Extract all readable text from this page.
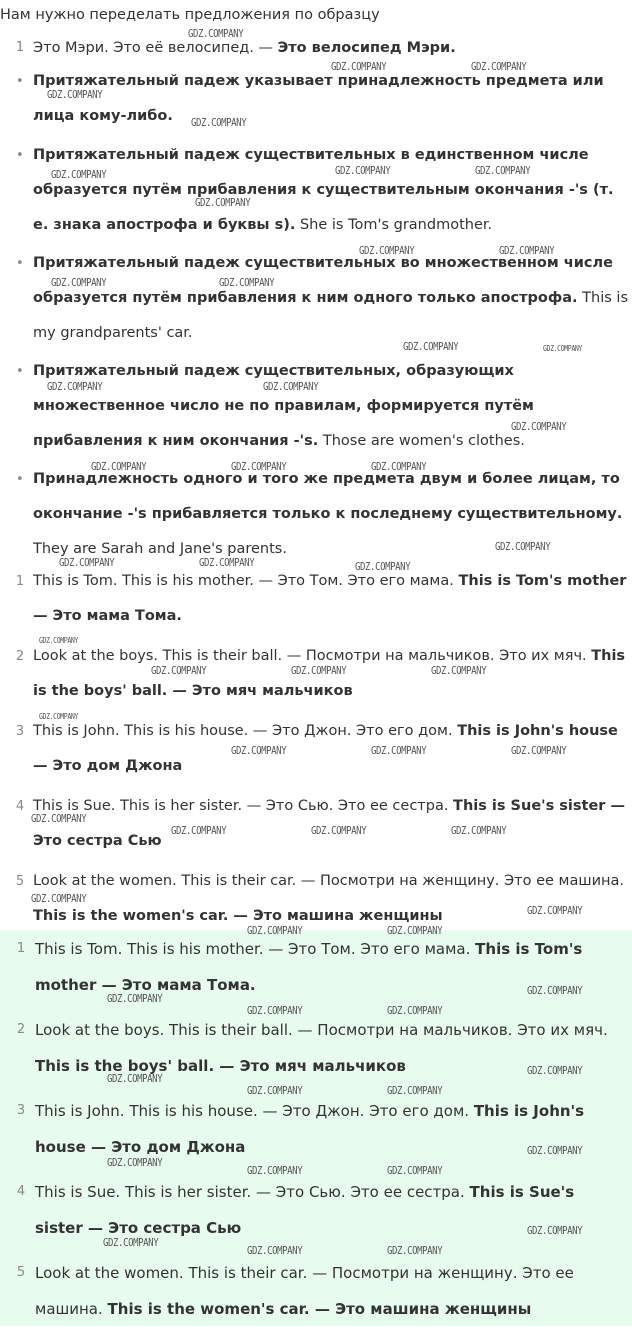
Нам нужно переделать предложения по образцу
1 Это Мэри. Это её велосипед. — Это велосипед Мэри.
• Притяжательный падеж указывает принадлежность предмета или лица кому-либо.
• Притяжательный падеж существительных в единственном числе образуется путём прибавления к существительным окончания -'s (т. е. знака апострофа и буквы s). She is Tom's grandmother.
• Притяжательный падеж существительных во множественном числе образуется путём прибавления к ним одного только апострофа. This is my grandparents' car.
• Притяжательный падеж существительных, образующих множественное число не по правилам, формируется путём прибавления к ним окончания -'s. Those are women's clothes.
• Принадлежность одного и того же предмета двум и более лицам, то окончание -'s прибавляется только к последнему существительному. They are Sarah and Jane's parents.
1 This is Tom. This is his mother. — Это Том. Это его мама. This is Tom's mother — Это мама Тома.
2 Look at the boys. This is their ball. — Посмотри на мальчиков. Это их мяч. This is the boys' ball. — Это мяч мальчиков
3 This is John. This is his house. — Это Джон. Это его дом. This is John's house — Это дом Джона
4 This is Sue. This is her sister. — Это Сью. Это ее сестра. This is Sue's sister — Это сестра Сью
5 Look at the women. This is their car. — Посмотри на женщину. Это ее машина. This is the women's car. — Это машина женщины
1 This is Tom. This is his mother. — Это Том. Это его мама. This is Tom's mother — Это мама Тома.
2 Look at the boys. This is their ball. — Посмотри на мальчиков. Это их мяч. This is the boys' ball. — Это мяч мальчиков
3 This is John. This is his house. — Это Джон. Это его дом. This is John's house — Это дом Джона
4 This is Sue. This is her sister. — Это Сью. Это ее сестра. This is Sue's sister — Это сестра Сью
5 Look at the women. This is their car. — Посмотри на женщину. Это ее машина. This is the women's car. — Это машина женщины
GDZ.COMPANY
GDZ.COMPANY	GDZ.COMPANY
GDZ.COMPANY
GDZ.COMPANY
GDZ.COMPANY	GDZ.COMPANY	GDZ.COMPANY
GDZ.COMPANY
GDZ.COMPANY	GDZ.COMPANY
GDZ.COMPANY	GDZ.COMPANY
GDZ.COMPANY	GDZ.COMPANY
GDZ.COMPANY	GDZ.COMPANY
GDZ.COMPANY
GDZ.COMPANY	GDZ.COMPANY	GDZ.COMPANY
GDZ.COMPANY
GDZ.COMPANY	GDZ.COMPANY	GDZ.COMPANY
GDZ.COMPANY
GDZ.COMPANY	GDZ.COMPANY	GDZ.COMPANY
GDZ.COMPANY
GDZ.COMPANY	GDZ.COMPANY	GDZ.COMPANY
GDZ.COMPANY
GDZ.COMPANY	GDZ.COMPANY	GDZ.COMPANY
GDZ.COMPANY
GDZ.COMPANY
GDZ.COMPANY	GDZ.COMPANY
GDZ.COMPANY
GDZ.COMPANY
GDZ.COMPANY	GDZ.COMPANY
GDZ.COMPANY
GDZ.COMPANY
GDZ.COMPANY	GDZ.COMPANY
GDZ.COMPANY
GDZ.COMPANY
GDZ.COMPANY	GDZ.COMPANY
GDZ.COMPANY
GDZ.COMPANY
GDZ.COMPANY	GDZ.COMPANY
